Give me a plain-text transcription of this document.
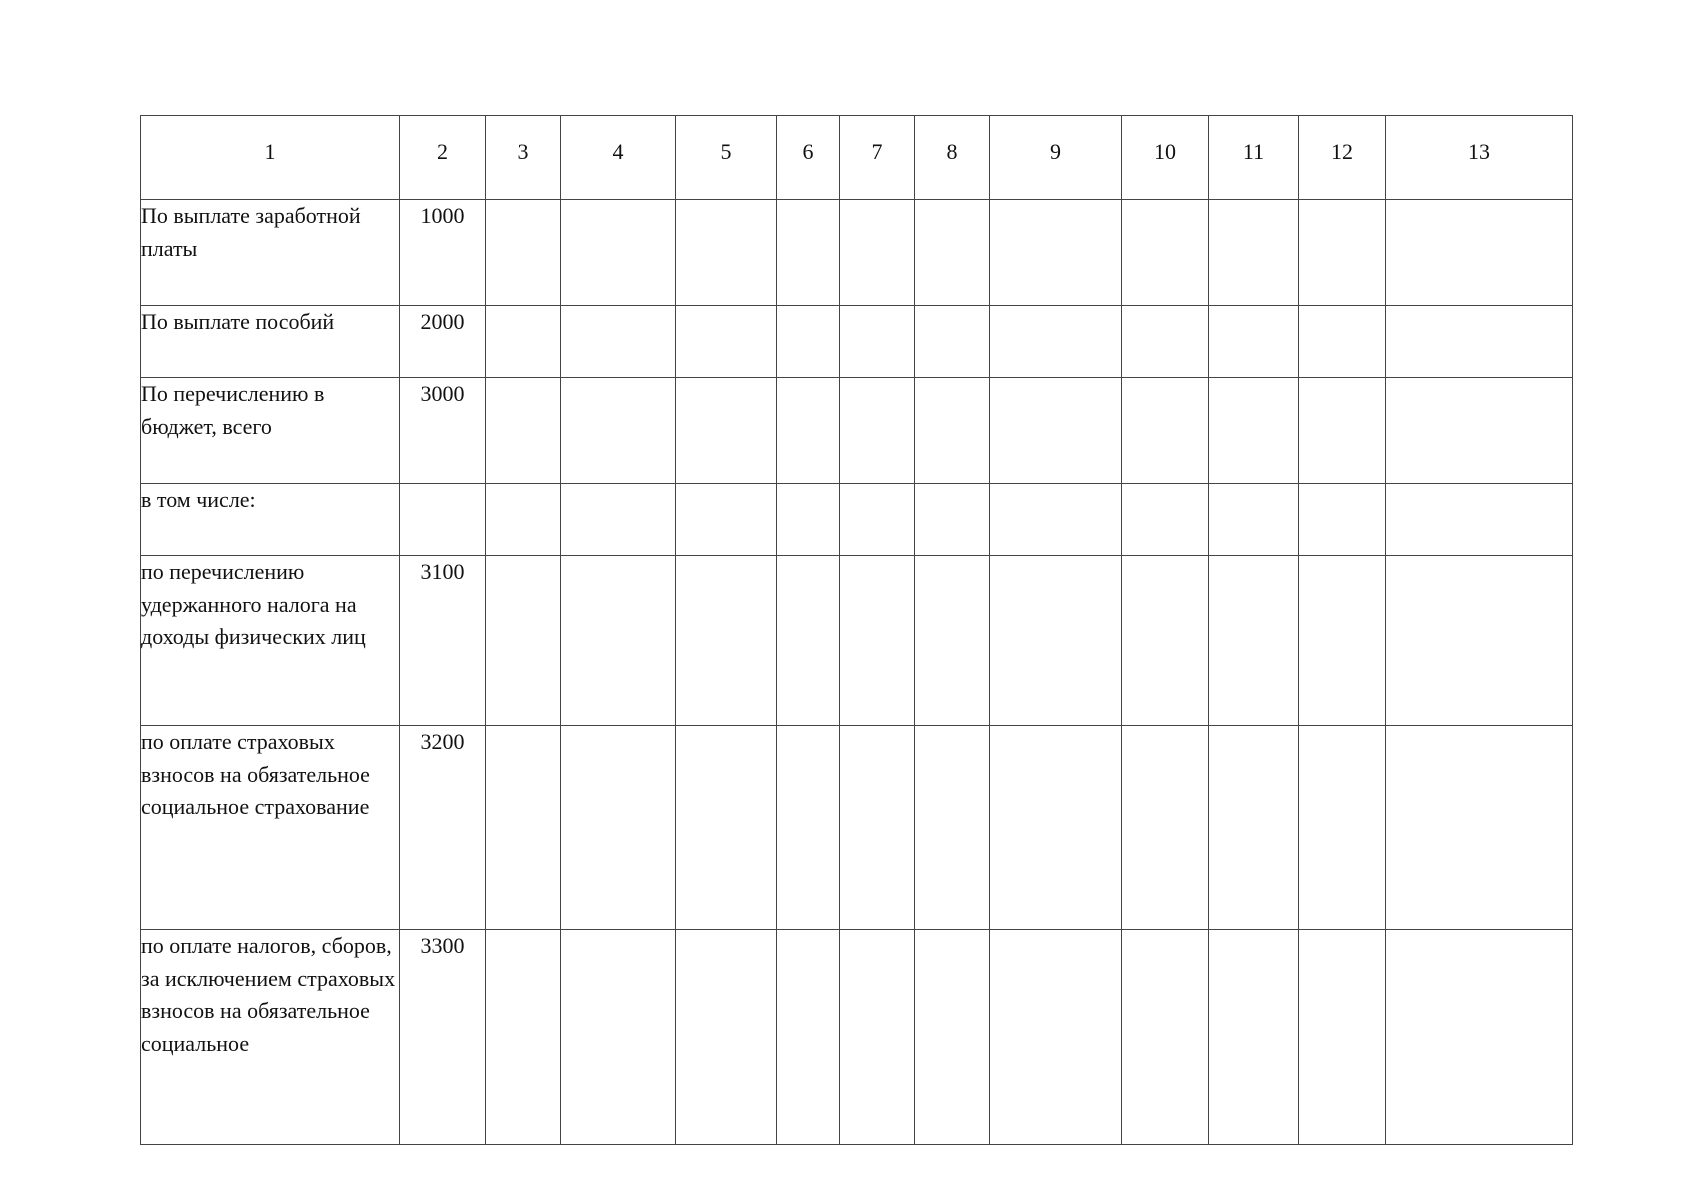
1	2	3	4	5	6	7	8	9	10	11	12	13
По выплате заработной платы	1000											
По выплате пособий	2000											
По перечислению в бюджет, всего	3000											
в том числе:												
по перечислению удержанного налога на доходы физических лиц	3100											
по оплате страховых взносов на обязательное социальное страхование	3200											
по оплате налогов, сборов, за исключением страховых взносов на обязательное социальное	3300											
